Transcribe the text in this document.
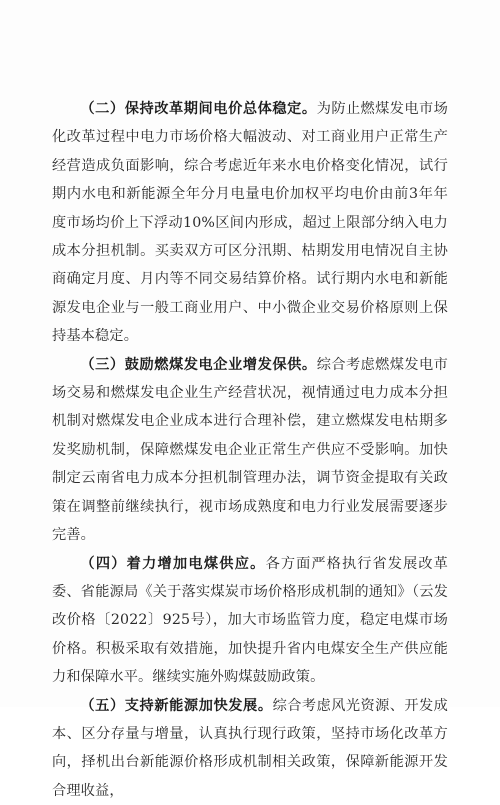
（二）保持改革期间电价总体稳定。为防止燃煤发电市场化改革过程中电力市场价格大幅波动、对工商业用户正常生产经营造成负面影响，综合考虑近年来水电价格变化情况，试行期内水电和新能源全年分月电量电价加权平均电价由前3年年度市场均价上下浮动10%区间内形成，超过上限部分纳入电力成本分担机制。买卖双方可区分汛期、枯期发用电情况自主协商确定月度、月内等不同交易结算价格。试行期内水电和新能源发电企业与一般工商业用户、中小微企业交易价格原则上保持基本稳定。

（三）鼓励燃煤发电企业增发保供。综合考虑燃煤发电市场交易和燃煤发电企业生产经营状况，视情通过电力成本分担机制对燃煤发电企业成本进行合理补偿，建立燃煤发电枯期多发奖励机制，保障燃煤发电企业正常生产供应不受影响。加快制定云南省电力成本分担机制管理办法，调节资金提取有关政策在调整前继续执行，视市场成熟度和电力行业发展需要逐步完善。

（四）着力增加电煤供应。各方面严格执行省发展改革委、省能源局《关于落实煤炭市场价格形成机制的通知》（云发改价格〔2022〕925号），加大市场监管力度，稳定电煤市场价格。积极采取有效措施，加快提升省内电煤安全生产供应能力和保障水平。继续实施外购煤鼓励政策。

（五）支持新能源加快发展。综合考虑风光资源、开发成本、区分存量与增量，认真执行现行政策，坚持市场化改革方向，择机出台新能源价格形成机制相关政策，保障新能源开发合理收益，
